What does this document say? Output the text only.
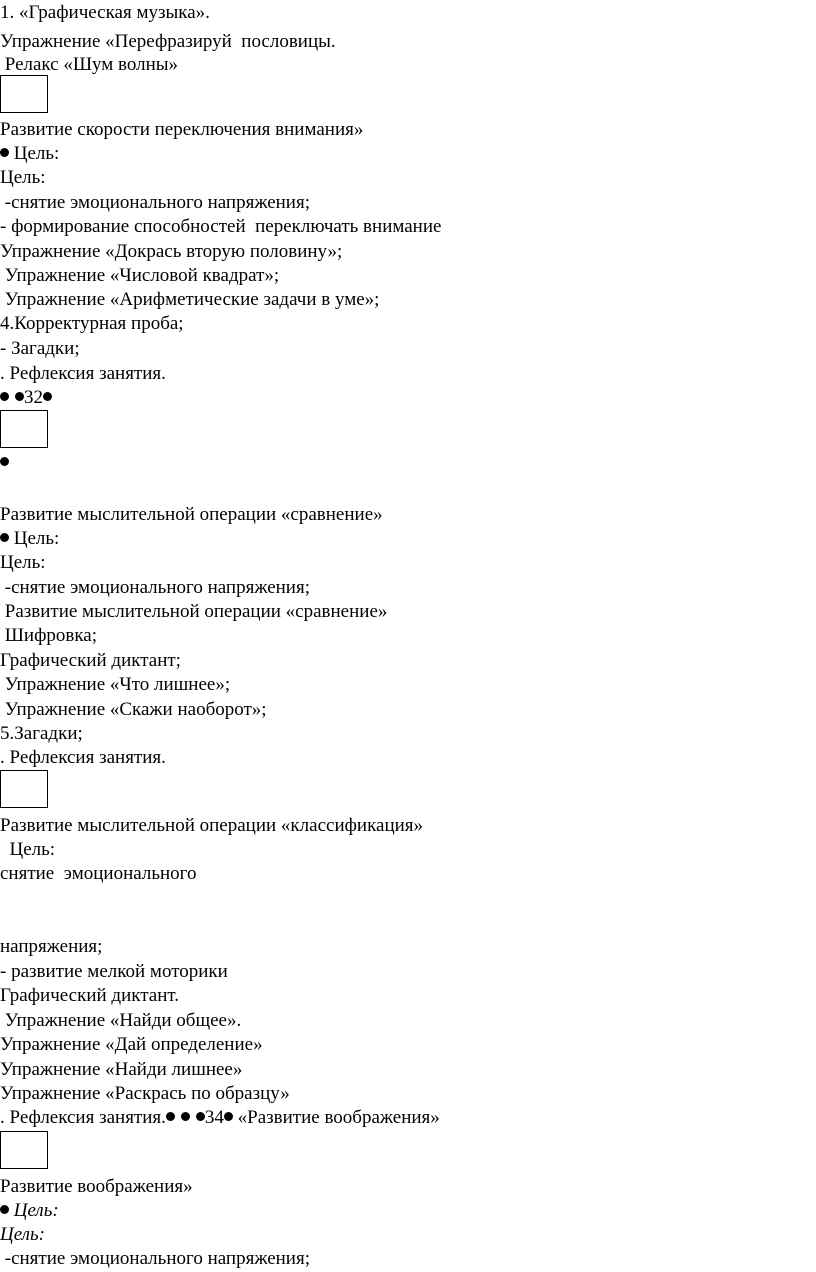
1. «Графическая музыка».
Упражнение «Перефразируй  пословицы.
Релакс «Шум волны»
Развитие скорости переключения внимания»
Цель:
Цель:
-снятие эмоционального напряжения;
- формирование способностей  переключать внимание
Упражнение «Докрась вторую половину»;
Упражнение «Числовой квадрат»;
Упражнение «Арифметические задачи в уме»;
4.Корректурная проба;
- Загадки;
. Рефлексия занятия.
32
Развитие мыслительной операции «сравнение»
Цель:
Цель:
-снятие эмоционального напряжения;
Развитие мыслительной операции «сравнение»
Шифровка;
Графический диктант;
Упражнение «Что лишнее»;
Упражнение «Скажи наоборот»;
5.Загадки;
. Рефлексия занятия.
Развитие мыслительной операции «классификация»
Цель:
снятие  эмоционального
напряжения;
- развитие мелкой моторики
Графический диктант.
Упражнение «Найди общее».
Упражнение «Дай определение»
Упражнение «Найди лишнее»
Упражнение «Раскрась по образцу»
. Рефлексия занятия. 34 «Развитие воображения»
Развитие воображения»
Цель:
Цель:
-снятие эмоционального напряжения;
